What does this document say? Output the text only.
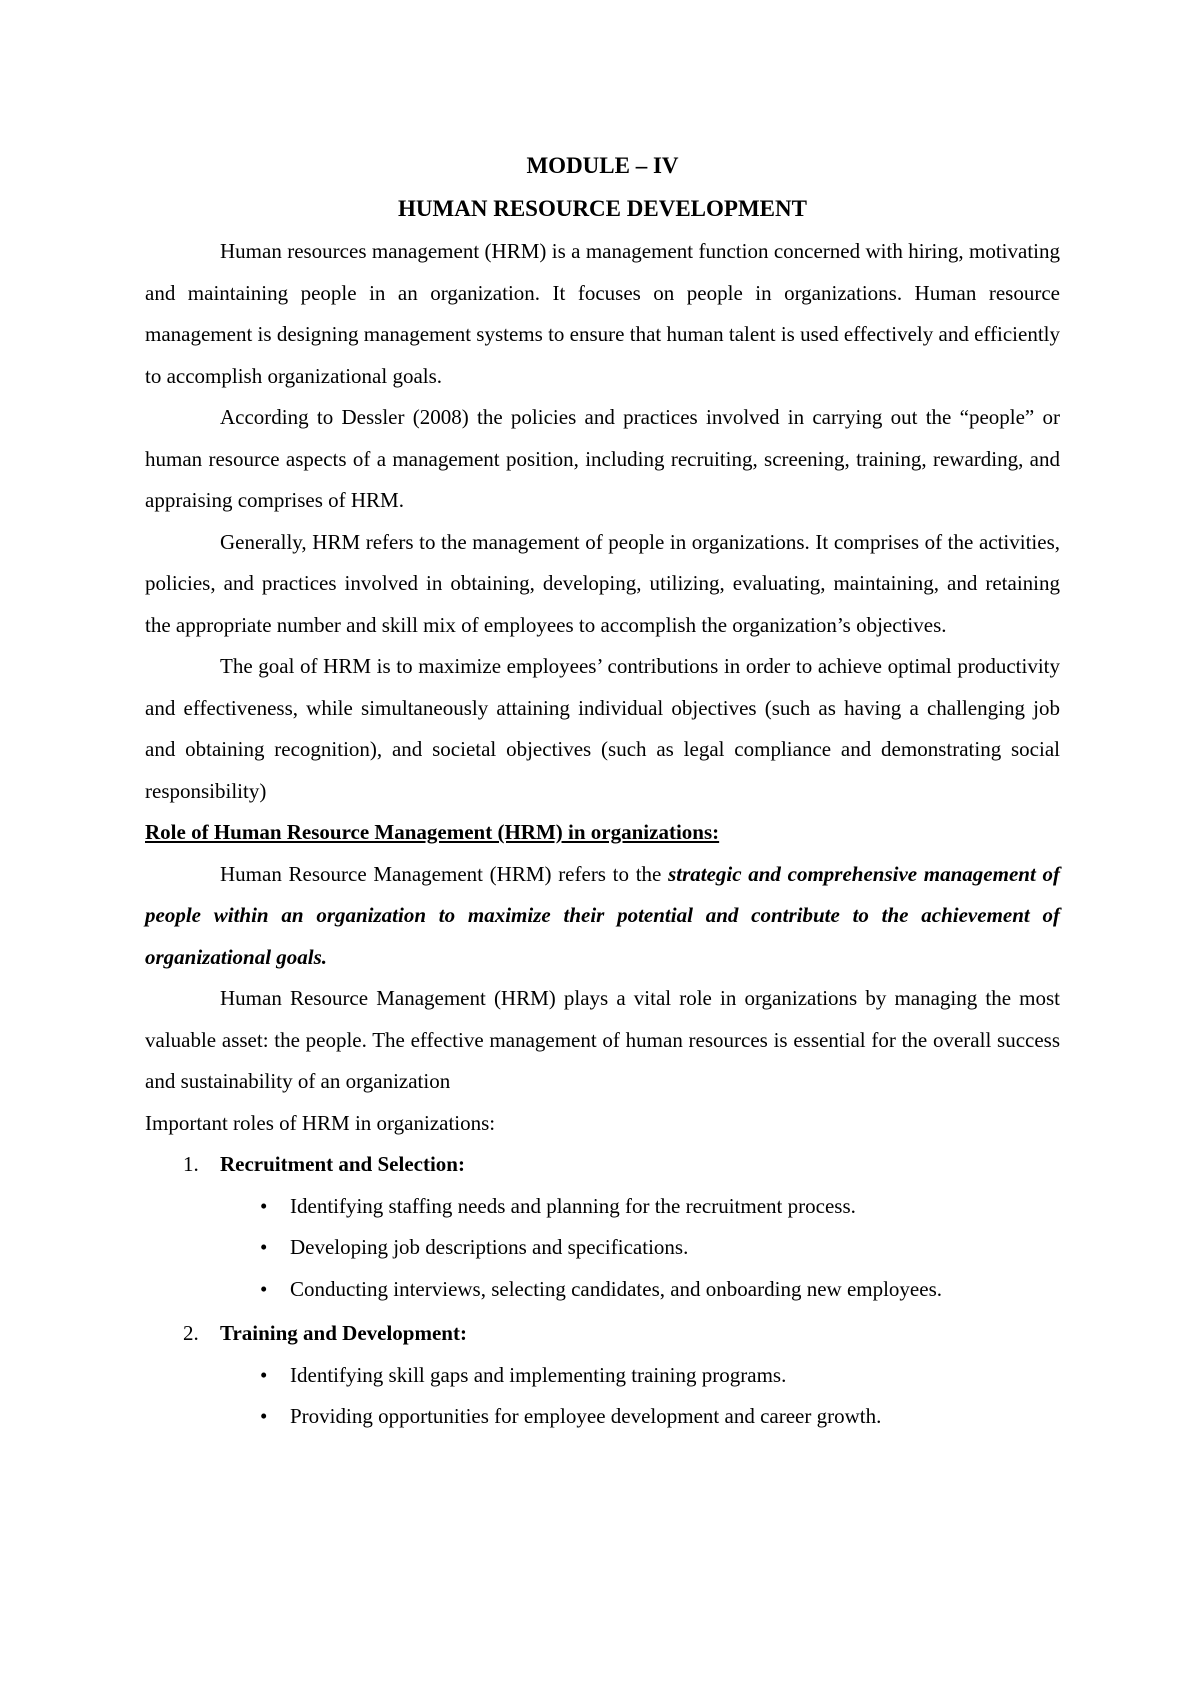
MODULE – IV
HUMAN RESOURCE DEVELOPMENT

Human resources management (HRM) is a management function concerned with hiring, motivating and maintaining people in an organization. It focuses on people in organizations. Human resource management is designing management systems to ensure that human talent is used effectively and efficiently to accomplish organizational goals.

According to Dessler (2008) the policies and practices involved in carrying out the “people” or human resource aspects of a management position, including recruiting, screening, training, rewarding, and appraising comprises of HRM.

Generally, HRM refers to the management of people in organizations. It comprises of the activities, policies, and practices involved in obtaining, developing, utilizing, evaluating, maintaining, and retaining the appropriate number and skill mix of employees to accomplish the organization’s objectives.

The goal of HRM is to maximize employees’ contributions in order to achieve optimal productivity and effectiveness, while simultaneously attaining individual objectives (such as having a challenging job and obtaining recognition), and societal objectives (such as legal compliance and demonstrating social responsibility)

Role of Human Resource Management (HRM) in organizations:

Human Resource Management (HRM) refers to the strategic and comprehensive management of people within an organization to maximize their potential and contribute to the achievement of organizational goals.

Human Resource Management (HRM) plays a vital role in organizations by managing the most valuable asset: the people. The effective management of human resources is essential for the overall success and sustainability of an organization

Important roles of HRM in organizations:
1. Recruitment and Selection:
• Identifying staffing needs and planning for the recruitment process.
• Developing job descriptions and specifications.
• Conducting interviews, selecting candidates, and onboarding new employees.
2. Training and Development:
• Identifying skill gaps and implementing training programs.
• Providing opportunities for employee development and career growth.
